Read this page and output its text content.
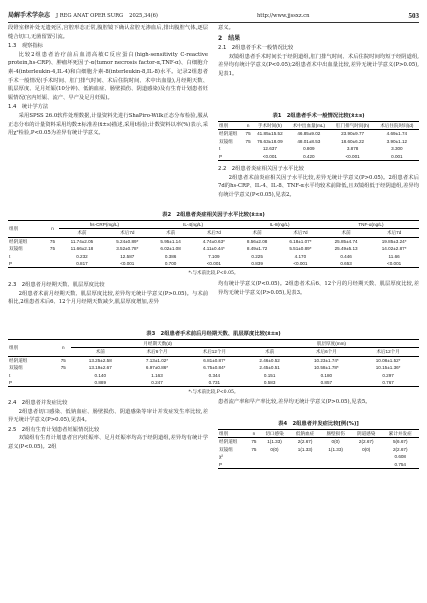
局解手术学杂志 J REG ANAT OPER SURG 2025,34(6)	http://www.jjssxz.cn	503

段镫室修补处无遗死区,宫腔形态正常,腹腔镜下确认盆腔无渗血后,排出腹腔气体,逐层缝合切口,无菌留置引流。

1.3　观察指标

比较2组患者治疗前后血清高敏C反应蛋白(high-sensitivity C-reactive protein,hs-CRP)、肿瘤坏死因子-α(tumor necrosis factor-α,TNF-α)、白细胞介素-4(interleukin-4,IL-4)和白细胞介素-8(interleukin-8,IL-8)水平。记录2组患者手术一般情况(手术时间、肛门排气时间、术后住院时间、术中出血量),月经期天数、肌层厚度、足月妊娠(10分钟)、低钠血症、肠壁损伤、阴道感染)及有生育计划患者妊娠情况(宫内妊娠、流产、早产及足月妊娠)。

1.4　统计学方法

采用SPSS 26.0软件处理数据,计量资料先进行ShaPiro-Wilk正态分布检验,服从正态分布的计量资料采用均数±标准差(x̄±s)描述,采用t检验;计数资料以率(%)表示,采用χ²检验,P<0.05为差异有统计学意义。

意义。

2　结果
2.1　2组患者手术一般情况比较

双镜组患者手术时间长于经阴道组,肛门排气时间、术后住院时间均短于经阴道组,差异均有统计学意义(P<0.05);2组患者术中出血量比较,差异无统计学意义(P>0.05),见表1。

表1　2组患者手术一般情况比较(x̄±s)
组别	n	手术时间(h)	术中出血量(mL)	肛门排气时间(h)	术后住院时间(d)
经阴道组	75	41.85±15.52	46.85±9.02	23.90±9.77	4.69±1.74
双镜组	75	76.63±18.09	48.01±8.53	18.60±6.22	3.90±1.12
t		12.637	0.809	3.878	3.300
P		<0.001	0.420	<0.001	0.001
2.2　2组患者炎症相关因子水平比较

2组患者术前炎症相关因子水平比较,差异无统计学意义(P>0.05)。2组患者术后7d的hs-CRP、IL-4、IL-8、TNF-α水平均较术前降低,且双镜组低于经阴道组,差异均有统计学意义(P<0.05),见表2。

表2　2组患者炎症相关因子水平比较(x̄±s)
组别	n	hs-CRP(mg/L)		IL-4(ng/L)		IL-8(ng/L)		TNF-α(ng/L)	
		术前	术后7d	术前	术后7d	术前	术后7d	术前	术后7d
经阴道组	75	11.74±2.05	5.24±0.89*	5.95±1.14	4.74±0.63*	8.56±2.08	6.18±1.07*	25.85±4.74	19.85±3.24*
双镜组	75	11.66±2.18	3.52±0.78*	6.02±1.08	4.11±0.44*	8.49±1.72	5.51±0.89*	25.49±5.13	14.02±2.87*
t		0.232	12.587	0.386	7.109	0.225	4.170	0.446	11.66
P		0.817	<0.001	0.700	<0.001	0.839	<0.001	0.653	<0.001
*:与术前比较,P<0.05。
2.3　2组患者月经期天数、肌层厚度比较

2组患者术前月经期天数、肌层厚度比较,差异均无统计学意义(P>0.05)。与术前相比,2组患者术后6、12个月月经期天数减少,肌层厚度增加,差异

均有统计学意义(P<0.05)。2组患者术后6、12个月的月经期天数、肌层厚度比较,差异均无统计学意义(P>0.05),见表3。

表3　2组患者手术前后月经期天数、肌层厚度比较(x̄±s)
组别	n	月经期天数(d)			肌层厚度(mm)		
		术前	术后6个月	术后12个月	术前	术后6个月	术后12个月
经阴道组	75	13.25±2.58	7.13±1.02*	6.81±0.87*	2.46±0.52	10.23±1.74*	10.08±1.52*
双镜组	75	13.19±2.67	6.97±0.86*	6.75±0.84*	2.45±0.51	10.58±1.78*	10.15±1.36*
t		0.140	1.163	0.344	0.151	0.180	0.297
P		0.889	0.247	0.731	0.583	0.857	0.767
*:与术前比较,P<0.05。
2.4　2组患者并发症比较

2组患者切口感染、低钠血症、肠壁损伤、阴道感染等审计并发症发生率比较,差异无统计学意义(P>0.05),见表4。

2.5　2组有生育计划患者妊娠情况比较

双镜组有生育计划患者宫内妊娠率、足月妊娠率均高于经阴道组,差异均有统计学意义(P<0.05)。2组

患者流产率和早产率比较,差异均无统计学意义(P>0.05),见表5。

表4　2组患者并发症比较[例(%)]
组别	n	切口感染	低钠血症	肠壁损伤	阴道感染	累计并发症
经阴道组	75	1(1.33)	2(2.67)	0(0)	2(2.67)	5(6.67)
双镜组	75	0(0)	1(1.33)	1(1.33)	0(0)	2(2.67)
χ²						0.608
P						0.754
